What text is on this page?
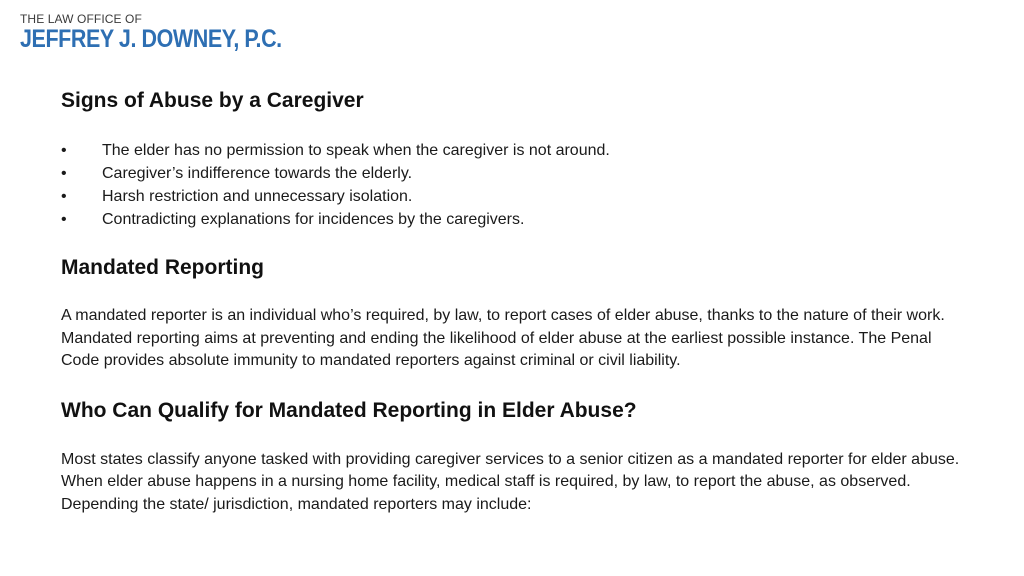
THE LAW OFFICE OF
JEFFREY J. DOWNEY, P.C.
Signs of Abuse by a Caregiver
• The elder has no permission to speak when the caregiver is not around.
• Caregiver’s indifference towards the elderly.
• Harsh restriction and unnecessary isolation.
• Contradicting explanations for incidences by the caregivers.
Mandated Reporting

A mandated reporter is an individual who’s required, by law, to report cases of elder abuse, thanks to the nature of their work. Mandated reporting aims at preventing and ending the likelihood of elder abuse at the earliest possible instance. The Penal Code provides absolute immunity to mandated reporters against criminal or civil liability.

Who Can Qualify for Mandated Reporting in Elder Abuse?

Most states classify anyone tasked with providing caregiver services to a senior citizen as a mandated reporter for elder abuse. When elder abuse happens in a nursing home facility, medical staff is required, by law, to report the abuse, as observed. Depending the state/ jurisdiction, mandated reporters may include:
